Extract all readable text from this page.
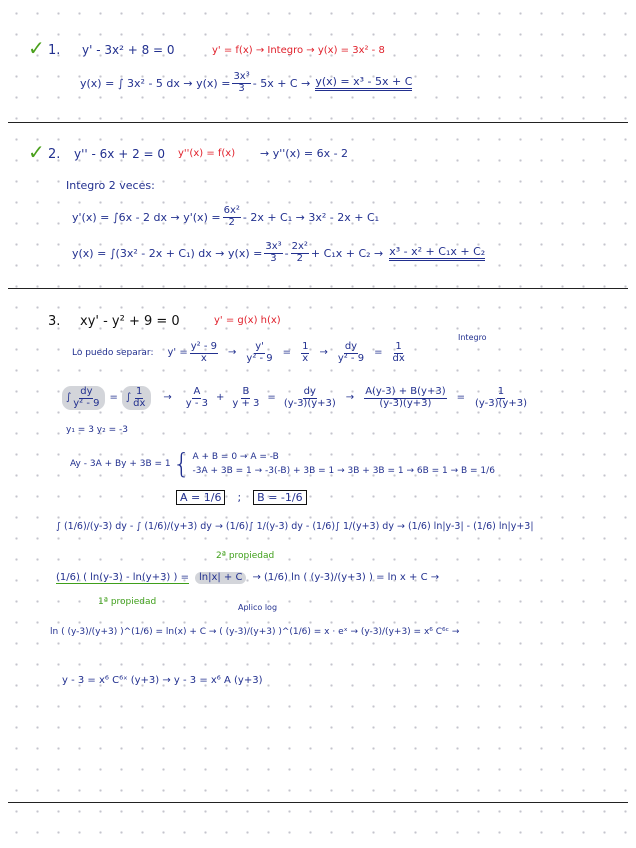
✓ 1. y' - 3x² + 8 = 0	y' = f(x) → Integro → y(x) = 3x² - 8
y(x) = ∫ 3x² - 5 dx → $y(x) = \frac{\text{3x³}}{3} - 5x + C \to y(x) = x^3 - 5x + C$
✓ 2. y'' - 6x + 2 = 0 y''(x) = f(x) → y''(x) = 6x - 2
Integro 2 veces:
y'(x) = ∫6x - 2 dx → $y'(x) = \frac{\text{6x²}}{2} - 2x + C_1 \to 3x^2 - 2x + C_1$
y(x) = ∫(3x² - 2x + C₁) dx → $y(x) = \frac{\text{3x³}}{3} - \frac{\text{2x²}}{2} + C_1x + C_2 \to x^3 - x^2 + C_1x + C_2$
3. xy' - y² + 9 = 0	y' = g(x) h(x)
Integro
Lo puedo separar: $y' = \frac{\text{y² - 9}}{x} \to \frac{y'}{\text{y² - 9}} = \frac{1}{x} \to \frac{dy}{\text{y² - 9}} = \frac{1}{dx}$
∫ $\frac{dy}{\text{y² - 9}}$ = ∫ $\frac{1}{dx} \to \frac{A}{y - 3} + \frac{B}{y + 3} = \frac{dy}{(y-3)(y+3)} \to \frac{A(y-3) + B(y+3)}{(y-3)(y+3)} = \frac{1}{(y-3)(y+3)}$
y₁ = 3 y₂ = -3
Ay - 3A + By + 3B = 1 { A + B = 0 → A = -B
-3A + 3B = 1 → -3(-B) + 3B = 1 → 3B + 3B = 1 → 6B = 1 → B = 1/6
A = 1/6	;	B = -1/6
∫ (1/6)/(y-3) dy - ∫ (1/6)/(y+3) dy → (1/6)∫ 1/(y-3) dy - (1/6)∫ 1/(y+3) dy → (1/6) ln|y-3| - (1/6) ln|y+3|
2ª propiedad
(1/6) ( ln(y-3) - ln(y+3) ) =	ln|x| + C	→ (1/6) ln ( (y-3)/(y+3) ) = ln x + C →
1ª propiedad
Aplico log
ln ( (y-3)/(y+3) )^(1/6) = ln(x) + C → ( (y-3)/(y+3) )^(1/6) = x · eˣ → (y-3)/(y+3) = x⁶ C⁶ᶜ →
y - 3 = x⁶ C⁶ˣ (y+3) → y - 3 = x⁶ A (y+3)
